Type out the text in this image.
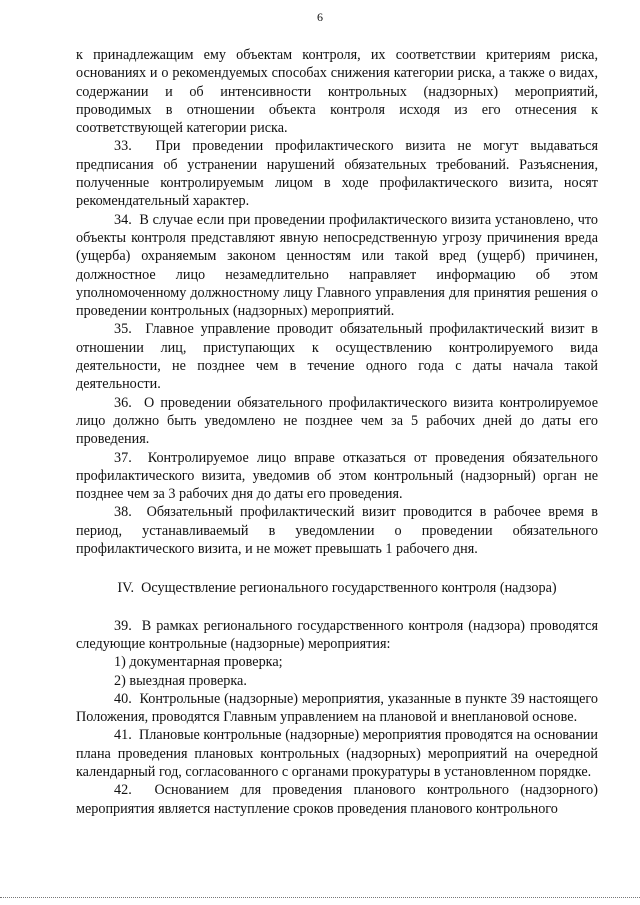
6

к принадлежащим ему объектам контроля, их соответствии критериям риска, основаниях и о рекомендуемых способах снижения категории риска, а также о видах, содержании и об интенсивности контрольных (надзорных) мероприятий, проводимых в отношении объекта контроля исходя из его отнесения к соответствующей категории риска.

33.  При проведении профилактического визита не могут выдаваться предписания об устранении нарушений обязательных требований. Разъяснения, полученные контролируемым лицом в ходе профилактического визита, носят рекомендательный характер.

34.  В случае если при проведении профилактического визита установлено, что объекты контроля представляют явную непосредственную угрозу причинения вреда (ущерба) охраняемым законом ценностям или такой вред (ущерб) причинен, должностное лицо незамедлительно направляет информацию об этом уполномоченному должностному лицу Главного управления для принятия решения о проведении контрольных (надзорных) мероприятий.

35.  Главное управление проводит обязательный профилактический визит в отношении лиц, приступающих к осуществлению контролируемого вида деятельности, не позднее чем в течение одного года с даты начала такой деятельности.

36.  О проведении обязательного профилактического визита контролируемое лицо должно быть уведомлено не позднее чем за 5 рабочих дней до даты его проведения.

37.  Контролируемое лицо вправе отказаться от проведения обязательного профилактического визита, уведомив об этом контрольный (надзорный) орган не позднее чем за 3 рабочих дня до даты его проведения.

38.  Обязательный профилактический визит проводится в рабочее время в период, устанавливаемый в уведомлении о проведении обязательного профилактического визита, и не может превышать 1 рабочего дня.

IV.  Осуществление регионального государственного контроля (надзора)

39.  В рамках регионального государственного контроля (надзора) проводятся следующие контрольные (надзорные) мероприятия:

1) документарная проверка;

2) выездная проверка.

40.  Контрольные (надзорные) мероприятия, указанные в пункте 39 настоящего Положения, проводятся Главным управлением на плановой и внеплановой основе.

41.  Плановые контрольные (надзорные) мероприятия проводятся на основании плана проведения плановых контрольных (надзорных) мероприятий на очередной календарный год, согласованного с органами прокуратуры в установленном порядке.

42.  Основанием для проведения планового контрольного (надзорного) мероприятия является наступление сроков проведения планового контрольного
